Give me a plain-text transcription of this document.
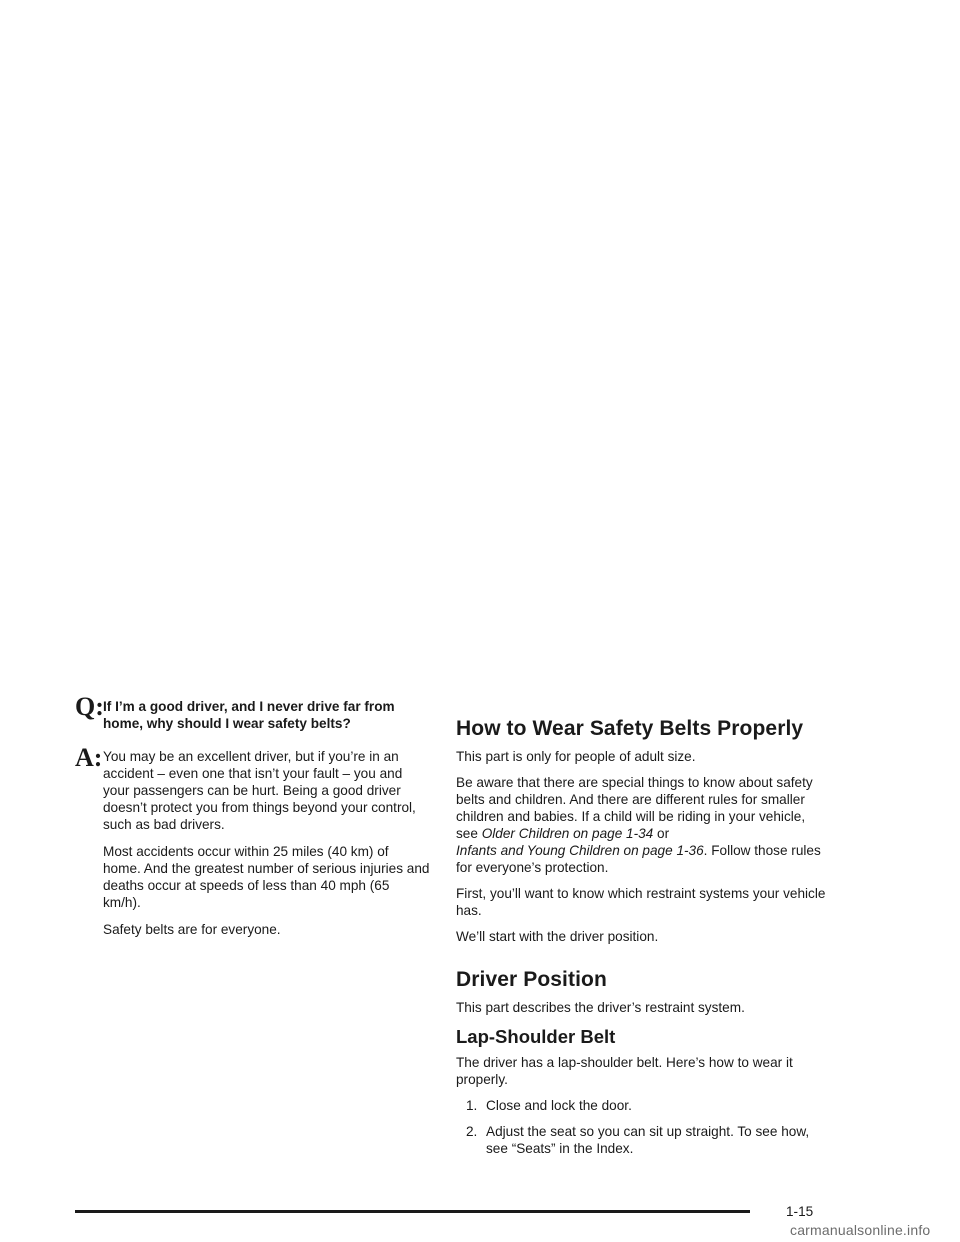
Q: If I’m a good driver, and I never drive far from home, why should I wear safety belts?
A: You may be an excellent driver, but if you’re in an accident – even one that isn’t your fault – you and your passengers can be hurt. Being a good driver doesn’t protect you from things beyond your control, such as bad drivers.

Most accidents occur within 25 miles (40 km) of home. And the greatest number of serious injuries and deaths occur at speeds of less than 40 mph (65 km/h).

Safety belts are for everyone.

How to Wear Safety Belts Properly

This part is only for people of adult size.

Be aware that there are special things to know about safety belts and children. And there are different rules for smaller children and babies. If a child will be riding in your vehicle, see Older Children on page 1-34 or
Infants and Young Children on page 1-36. Follow those rules for everyone’s protection.

First, you’ll want to know which restraint systems your vehicle has.

We’ll start with the driver position.

Driver Position

This part describes the driver’s restraint system.

Lap-Shoulder Belt

The driver has a lap-shoulder belt. Here’s how to wear it properly.

1. Close and lock the door.
2. Adjust the seat so you can sit up straight. To see how, see “Seats” in the Index.
1-15
carmanualsonline.info
